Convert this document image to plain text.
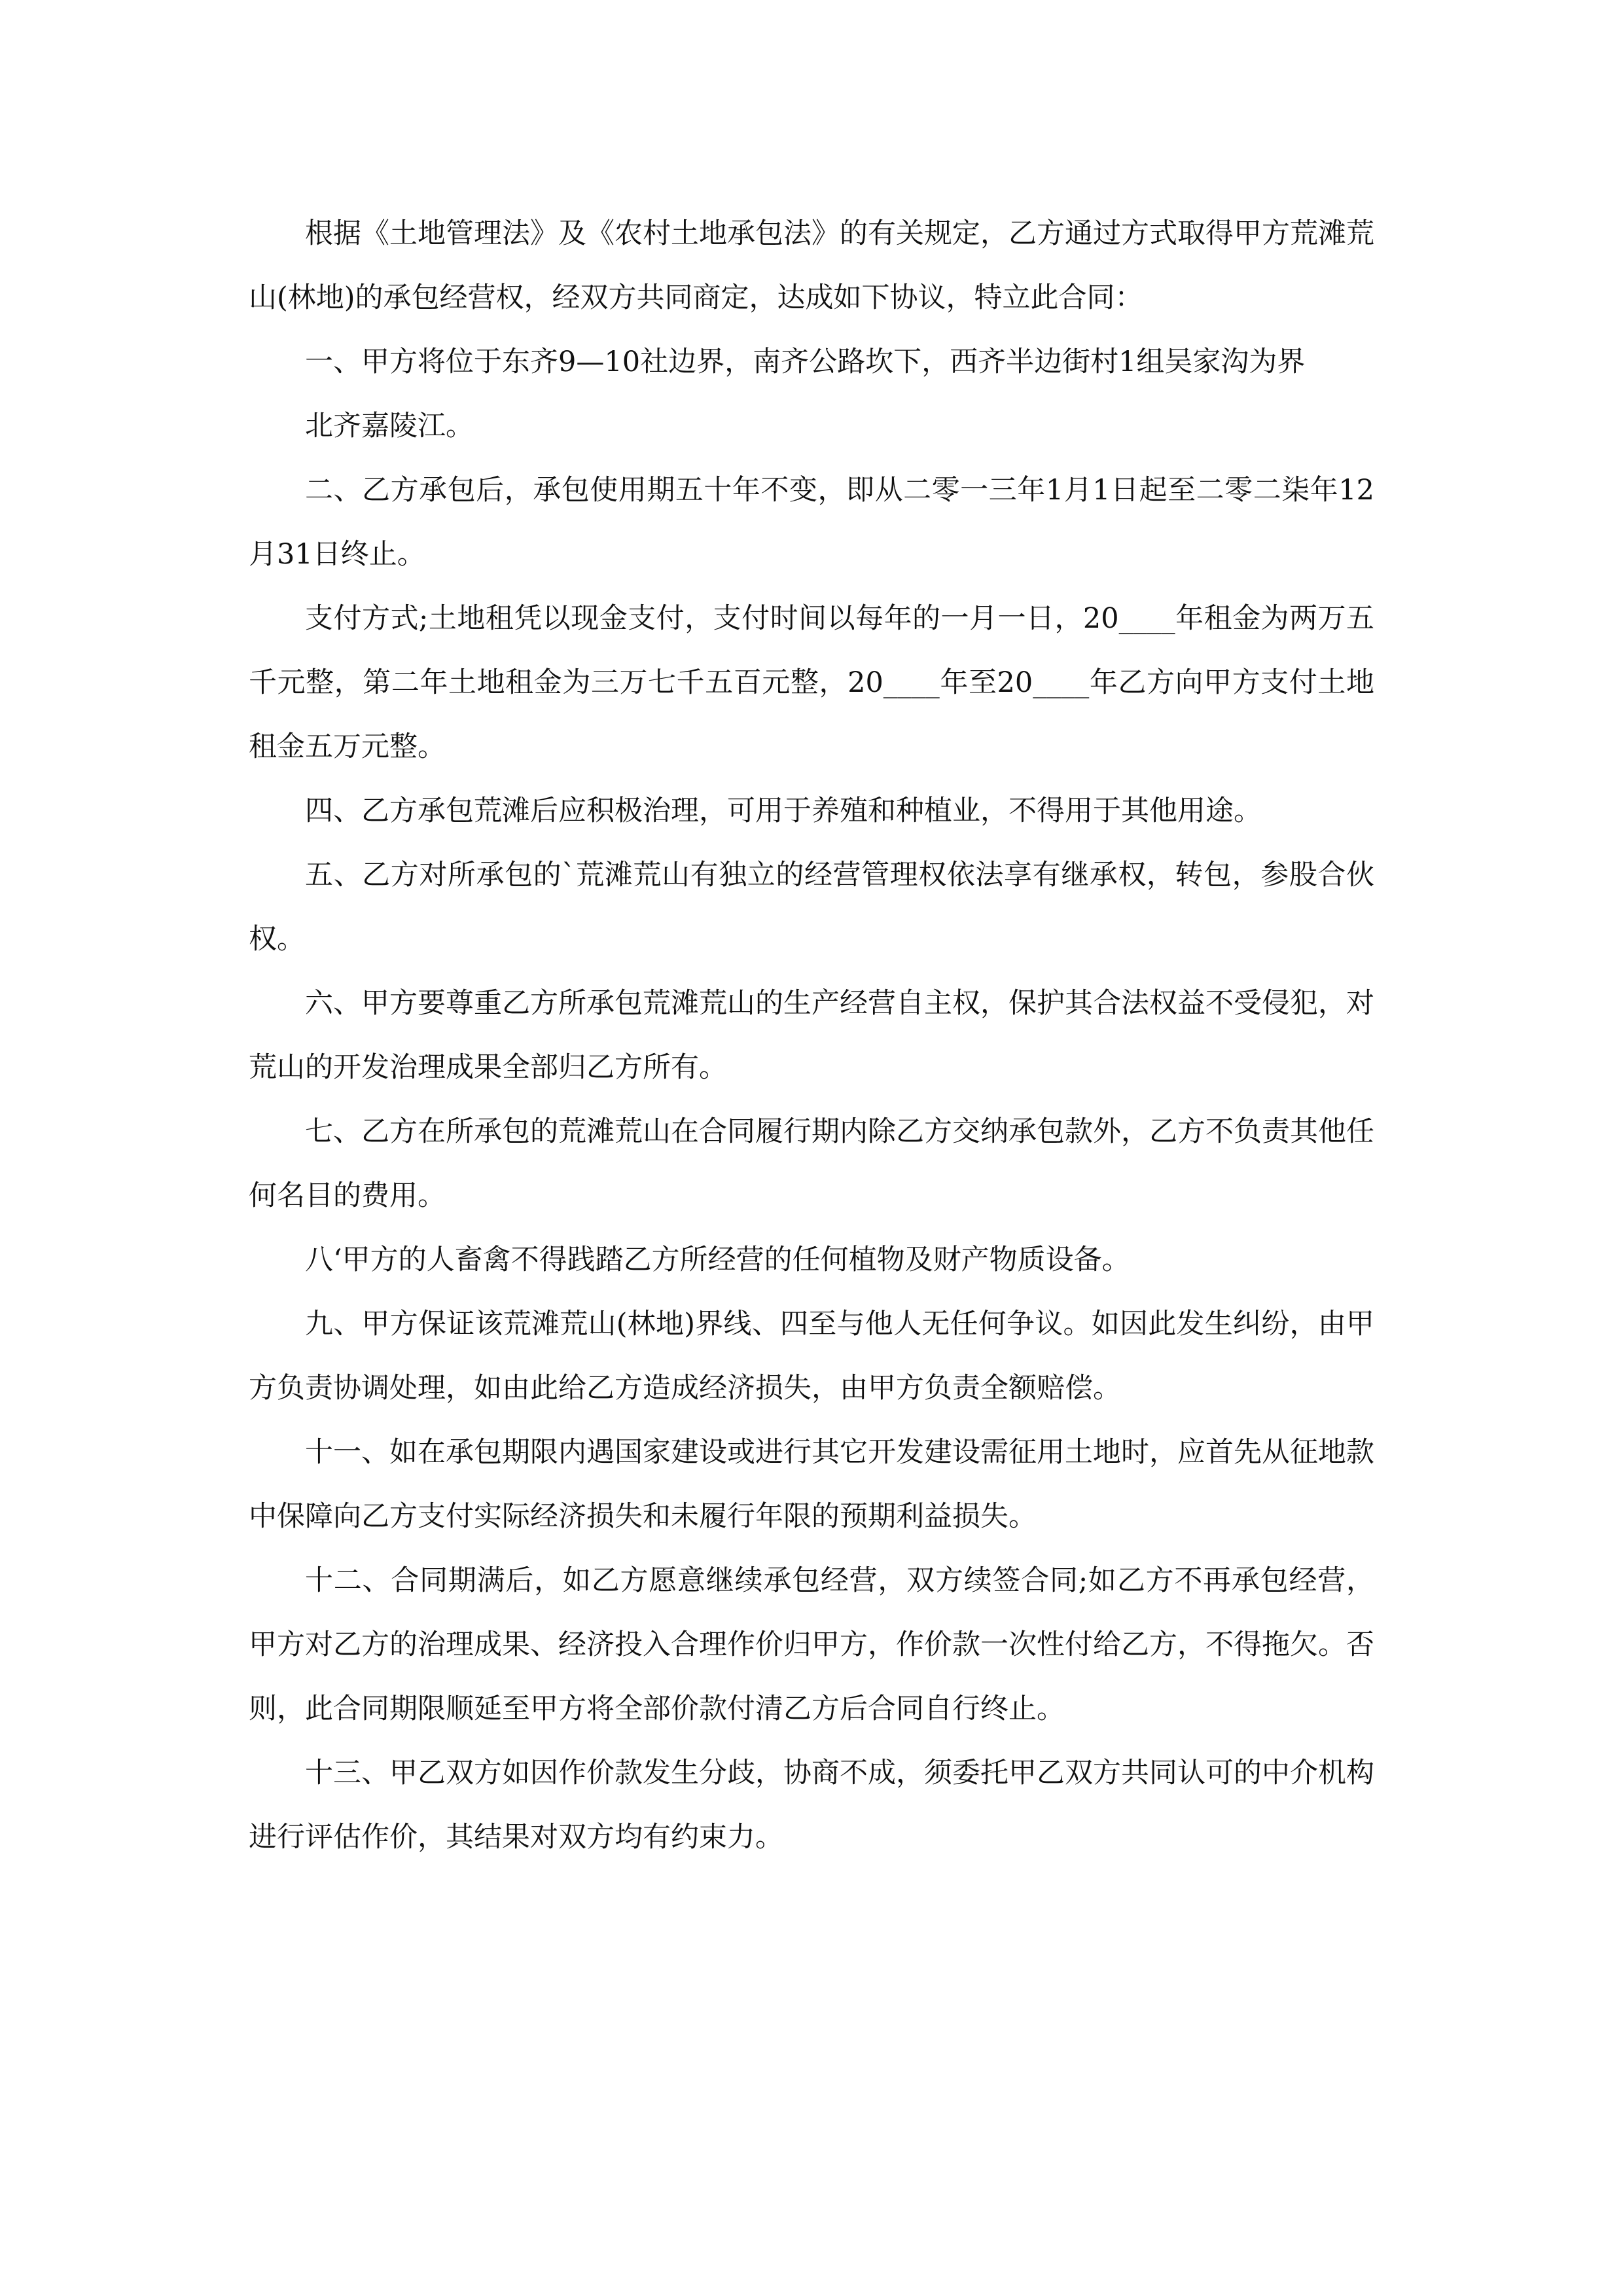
根据《土地管理法》及《农村土地承包法》的有关规定，乙方通过方式取得甲方荒滩荒山(林地)的承包经营权，经双方共同商定，达成如下协议，特立此合同：

一、甲方将位于东齐9—10社边界，南齐公路坎下，西齐半边街村1组吴家沟为界

北齐嘉陵江。

二、乙方承包后，承包使用期五十年不变，即从二零一三年1月1日起至二零二柒年12月31日终止。

支付方式;土地租凭以现金支付，支付时间以每年的一月一日，20____年租金为两万五千元整，第二年土地租金为三万七千五百元整，20____年至20____年乙方向甲方支付土地租金五万元整。

四、乙方承包荒滩后应积极治理，可用于养殖和种植业，不得用于其他用途。

五、乙方对所承包的`荒滩荒山有独立的经营管理权依法享有继承权，转包，参股合伙权。

六、甲方要尊重乙方所承包荒滩荒山的生产经营自主权，保护其合法权益不受侵犯，对荒山的开发治理成果全部归乙方所有。

七、乙方在所承包的荒滩荒山在合同履行期内除乙方交纳承包款外，乙方不负责其他任何名目的费用。

八‘甲方的人畜禽不得践踏乙方所经营的任何植物及财产物质设备。

九、甲方保证该荒滩荒山(林地)界线、四至与他人无任何争议。如因此发生纠纷，由甲方负责协调处理，如由此给乙方造成经济损失，由甲方负责全额赔偿。

十一、如在承包期限内遇国家建设或进行其它开发建设需征用土地时，应首先从征地款中保障向乙方支付实际经济损失和未履行年限的预期利益损失。

十二、合同期满后，如乙方愿意继续承包经营，双方续签合同;如乙方不再承包经营，甲方对乙方的治理成果、经济投入合理作价归甲方，作价款一次性付给乙方，不得拖欠。否则，此合同期限顺延至甲方将全部价款付清乙方后合同自行终止。

十三、甲乙双方如因作价款发生分歧，协商不成，须委托甲乙双方共同认可的中介机构进行评估作价，其结果对双方均有约束力。
